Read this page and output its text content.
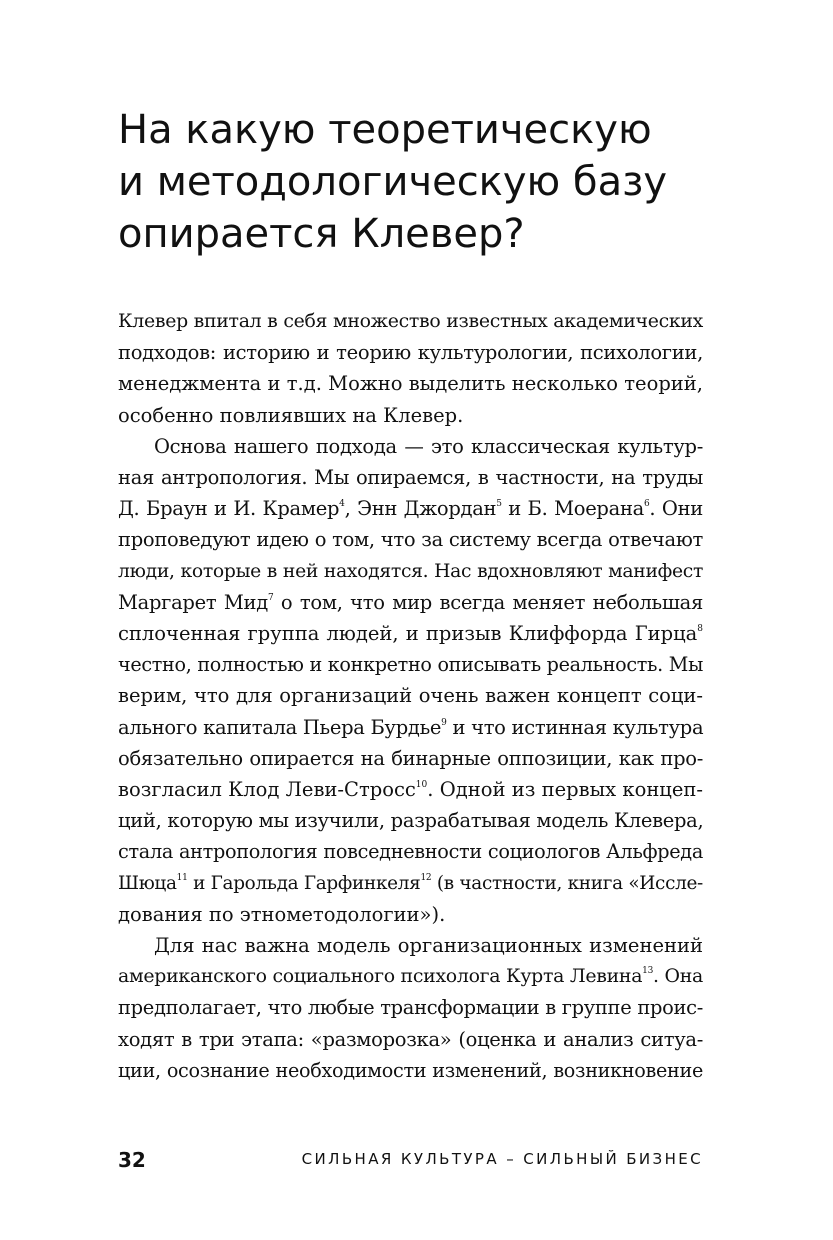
На какую теоретическую
и методологическую базу
опирается Клевер?
Клевер впитал в себя множество известных академических
подходов: историю и теорию культурологии, психологии,
менеджмента и т.д. Можно выделить несколько теорий,
особенно повлиявших на Клевер.
Основа нашего подхода — это классическая культур-
ная антропология. Мы опираемся, в частности, на труды
Д. Браун и И. Крамер$^4$, Энн Джордан$^5$ и Б. Моерана$^6$. Они
проповедуют идею о том, что за систему всегда отвечают
люди, которые в ней находятся. Нас вдохновляют манифест
Маргарет Мид$^7$ о том, что мир всегда меняет небольшая
сплоченная группа людей, и призыв Клиффорда Гирца$^8$
честно, полностью и конкретно описывать реальность. Мы
верим, что для организаций очень важен концепт соци-
ального капитала Пьера Бурдье$^9$ и что истинная культура
обязательно опирается на бинарные оппозиции, как про-
возгласил Клод Леви-Стросс$^{10}$. Одной из первых концеп-
ций, которую мы изучили, разрабатывая модель Клевера,
стала антропология повседневности социологов Альфреда
Шюца$^{11}$ и Гарольда Гарфинкеля$^{12}$ (в частности, книга «Иссле-
дования по этнометодологии»).
Для нас важна модель организационных изменений
американского социального психолога Курта Левина$^{13}$. Она
предполагает, что любые трансформации в группе проис-
ходят в три этапа: «разморозка» (оценка и анализ ситуа-
ции, осознание необходимости изменений, возникновение
32	СИЛЬНАЯ КУЛЬТУРА – СИЛЬНЫЙ БИЗНЕС
